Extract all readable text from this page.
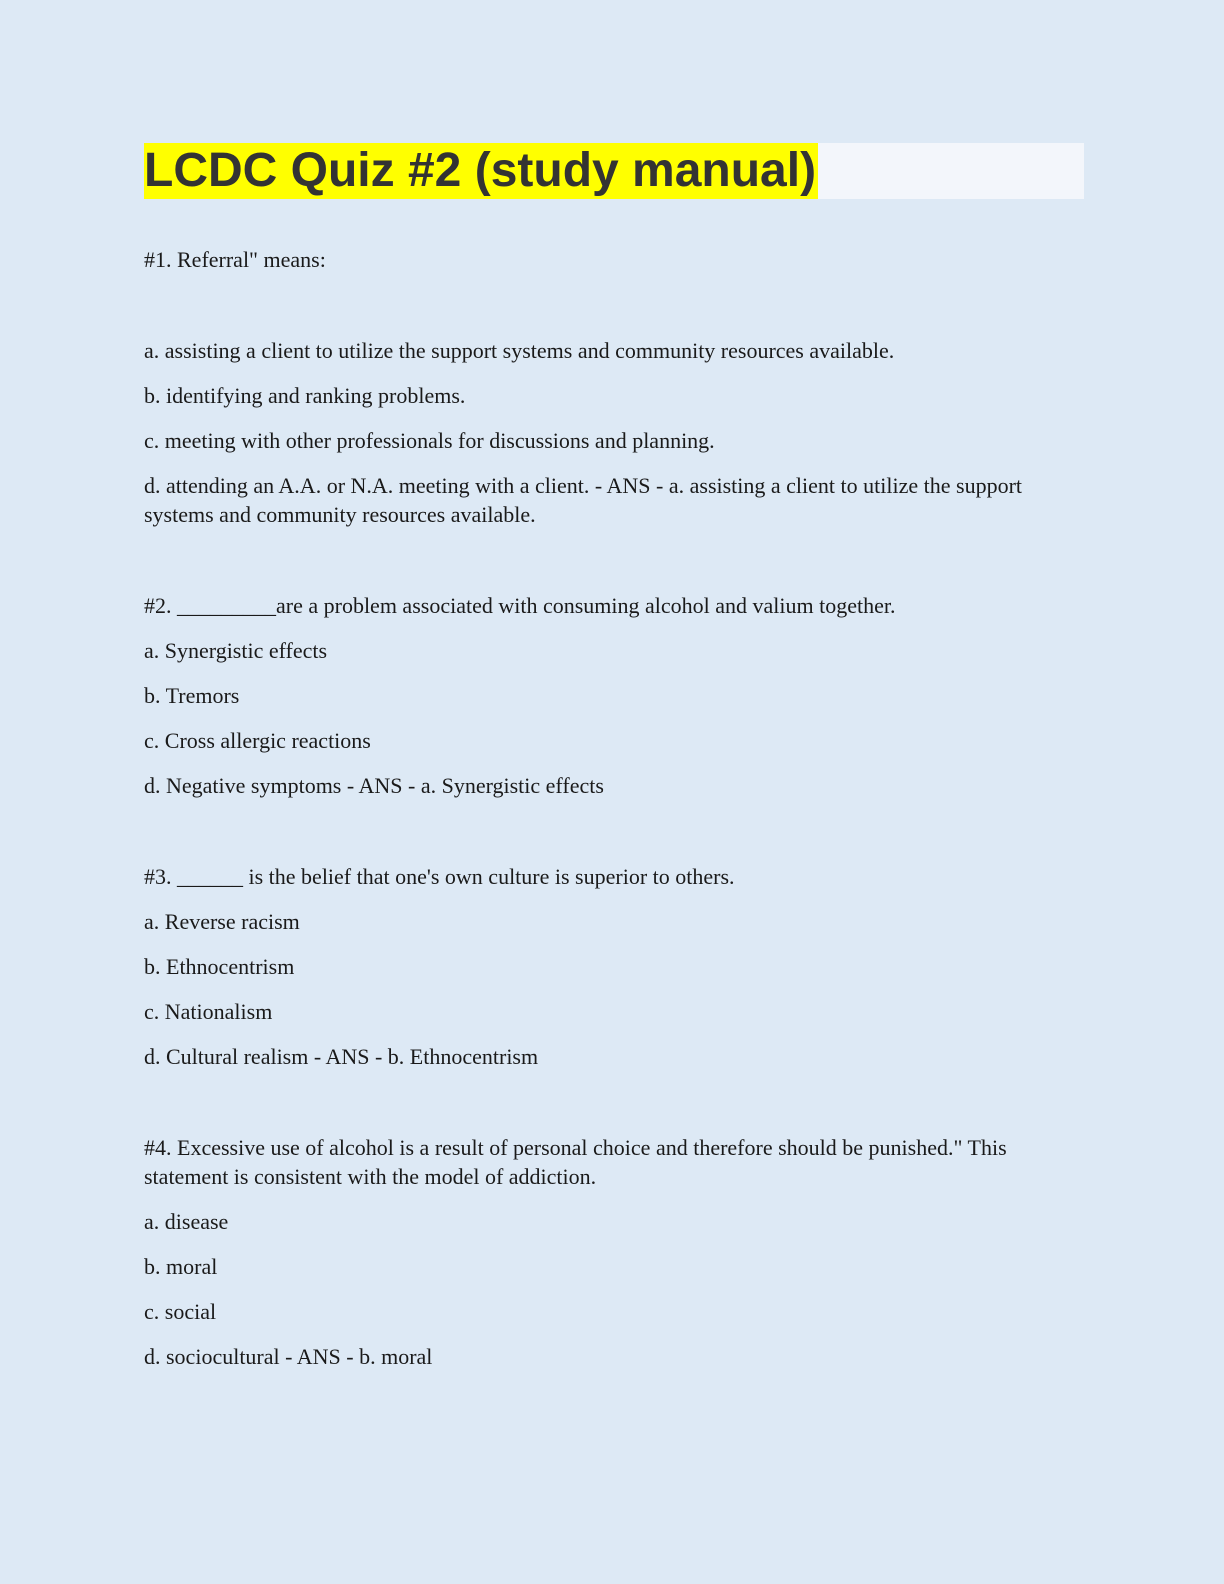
LCDC Quiz #2 (study manual)

#1. Referral" means:

a. assisting a client to utilize the support systems and community resources available.
b. identifying and ranking problems.
c. meeting with other professionals for discussions and planning.
d. attending an A.A. or N.A. meeting with a client. - ANS - a. assisting a client to utilize the support systems and community resources available.

#2. _________are a problem associated with consuming alcohol and valium together.

a. Synergistic effects
b. Tremors
c. Cross allergic reactions
d. Negative symptoms - ANS - a. Synergistic effects

#3. ______ is the belief that one's own culture is superior to others.

a. Reverse racism
b. Ethnocentrism
c. Nationalism
d. Cultural realism - ANS - b. Ethnocentrism

#4. Excessive use of alcohol is a result of personal choice and therefore should be punished." This statement is consistent with the model of addiction.

a. disease
b. moral
c. social
d. sociocultural - ANS - b. moral
